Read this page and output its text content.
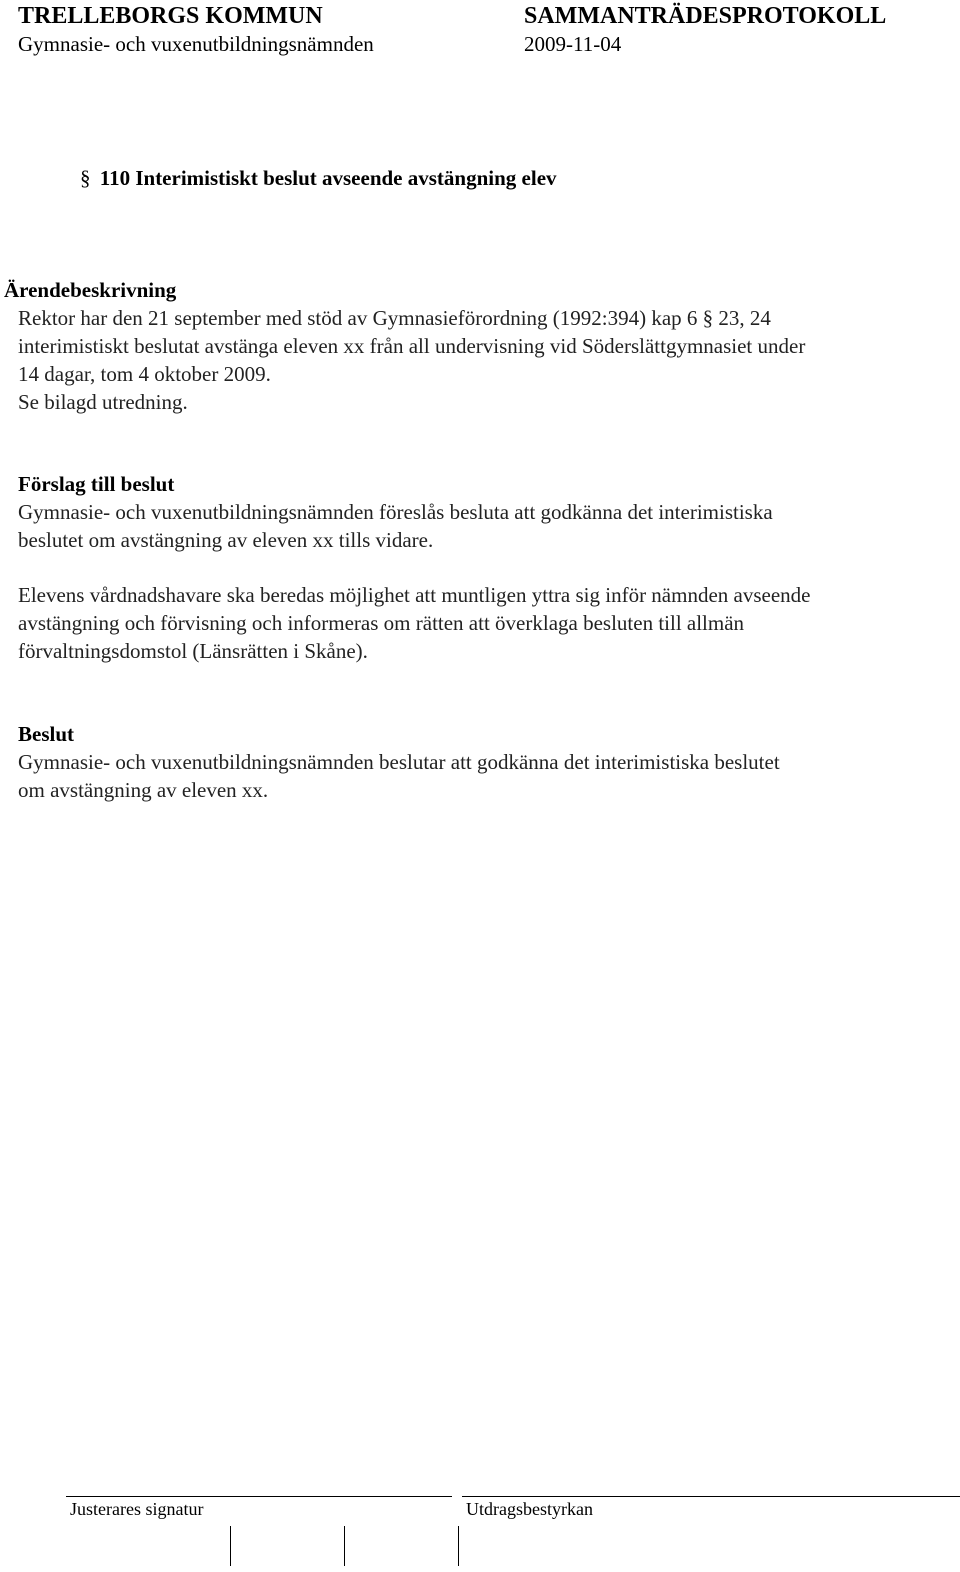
TRELLEBORGS KOMMUN
Gymnasie- och vuxenutbildningsnämnden
SAMMANTRÄDESPROTOKOLL
2009-11-04
§ 110 Interimistiskt beslut avseende avstängning elev
Ärendebeskrivning
Rektor har den 21 september med stöd av Gymnasieförordning (1992:394) kap 6 § 23, 24
interimistiskt beslutat avstänga eleven xx från all undervisning vid Söderslättgymnasiet under
14 dagar, tom 4 oktober 2009.
Se bilagd utredning.
Förslag till beslut
Gymnasie- och vuxenutbildningsnämnden föreslås besluta att godkänna det interimistiska
beslutet om avstängning av eleven xx tills vidare.
Elevens vårdnadshavare ska beredas möjlighet att muntligen yttra sig inför nämnden avseende
avstängning och förvisning och informeras om rätten att överklaga besluten till allmän
förvaltningsdomstol (Länsrätten i Skåne).
Beslut
Gymnasie- och vuxenutbildningsnämnden beslutar att godkänna det interimistiska beslutet
om avstängning av eleven xx.
Justerares signatur	Utdragsbestyrkan
